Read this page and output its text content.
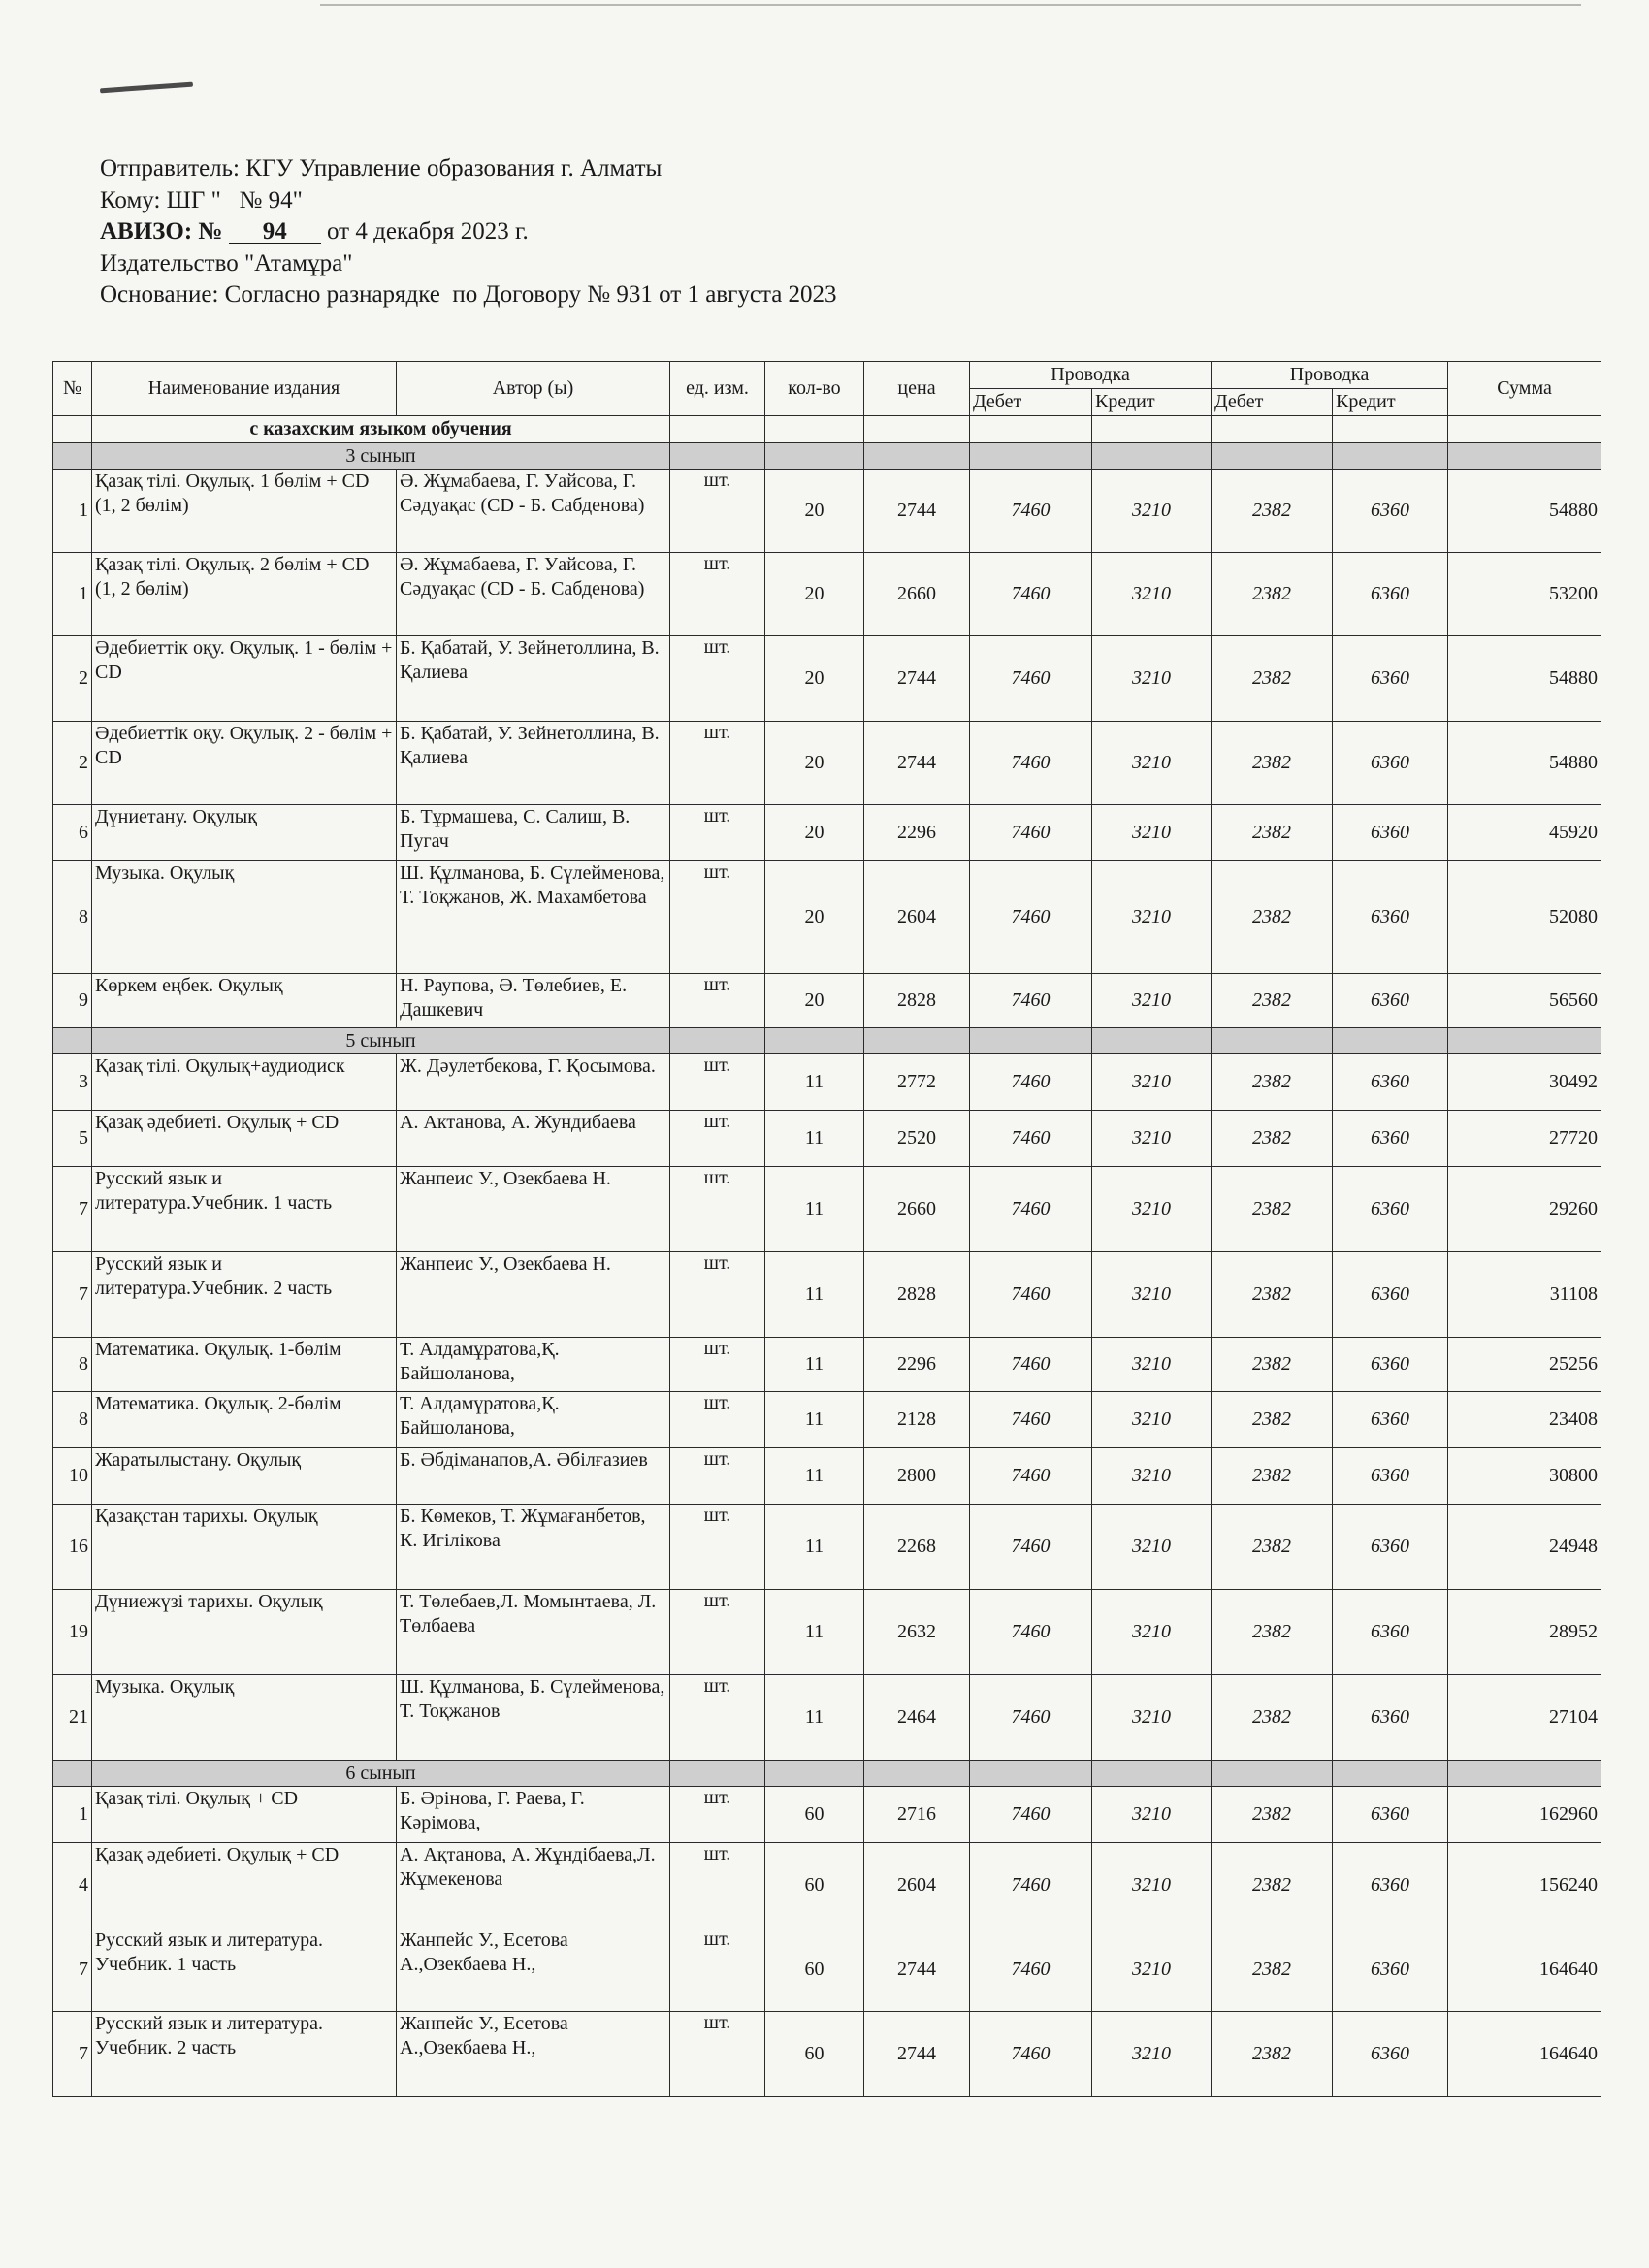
Отправитель: КГУ Управление образования г. Алматы
Кому: ШГ "   № 94"
АВИЗО: № 94 от 4 декабря 2023 г.
Издательство "Атамұра"
Основание: Согласно разнарядке  по Договору № 931 от 1 августа 2023
№	Наименование издания	Автор (ы)	ед. изм.	кол-во	цена	Проводка		Проводка		Сумма
						Дебет	Кредит	Дебет	Кредит	
	с казахским языком обучения									
	3 сынып									
1	Қазақ тілі. Оқулық. 1 бөлім + CD (1, 2 бөлім)	Ә. Жұмабаева, Г. Уайсова, Г. Сәдуақас (CD - Б. Сабденова)	шт.	20	2744	7460	3210	2382	6360	54880
1	Қазақ тілі. Оқулық. 2 бөлім + CD (1, 2 бөлім)	Ә. Жұмабаева, Г. Уайсова, Г. Сәдуақас (CD - Б. Сабденова)	шт.	20	2660	7460	3210	2382	6360	53200
2	Әдебиеттік оқу. Оқулық. 1 - бөлім + CD	Б. Қабатай, У. Зейнетоллина, В. Қалиева	шт.	20	2744	7460	3210	2382	6360	54880
2	Әдебиеттік оқу. Оқулық. 2 - бөлім + CD	Б. Қабатай, У. Зейнетоллина, В. Қалиева	шт.	20	2744	7460	3210	2382	6360	54880
6	Дүниетану. Оқулық	Б. Тұрмашева, С. Салиш, В. Пугач	шт.	20	2296	7460	3210	2382	6360	45920
8	Музыка. Оқулық	Ш. Құлманова, Б. Сүлейменова, Т. Тоқжанов, Ж. Махамбетова	шт.	20	2604	7460	3210	2382	6360	52080
9	Көркем еңбек. Оқулық	Н. Раупова, Ә. Төлебиев, Е. Дашкевич	шт.	20	2828	7460	3210	2382	6360	56560
	5 сынып									
3	Қазақ тілі. Оқулық+аудиодиск	Ж. Дәулетбекова, Г. Қосымова.	шт.	11	2772	7460	3210	2382	6360	30492
5	Қазақ әдебиеті. Оқулық + CD	А. Актанова, А. Жундибаева	шт.	11	2520	7460	3210	2382	6360	27720
7	Русский язык и литература.Учебник. 1 часть	Жанпеис У., Озекбаева Н.	шт.	11	2660	7460	3210	2382	6360	29260
7	Русский язык и литература.Учебник. 2 часть	Жанпеис У., Озекбаева Н.	шт.	11	2828	7460	3210	2382	6360	31108
8	Математика. Оқулық. 1-бөлім	Т. Алдамұратова,Қ. Байшоланова,	шт.	11	2296	7460	3210	2382	6360	25256
8	Математика. Оқулық. 2-бөлім	Т. Алдамұратова,Қ. Байшоланова,	шт.	11	2128	7460	3210	2382	6360	23408
10	Жаратылыстану. Оқулық	Б. Әбдіманапов,А. Әбілғазиев	шт.	11	2800	7460	3210	2382	6360	30800
16	Қазақстан тарихы. Оқулық	Б. Көмеков, Т. Жұмағанбетов, К. Игілікова	шт.	11	2268	7460	3210	2382	6360	24948
19	Дүниежүзі тарихы. Оқулық	Т. Төлебаев,Л. Момынтаева, Л. Төлбаева	шт.	11	2632	7460	3210	2382	6360	28952
21	Музыка. Оқулық	Ш. Құлманова, Б. Сүлейменова, Т. Тоқжанов	шт.	11	2464	7460	3210	2382	6360	27104
	6 сынып									
1	Қазақ тілі. Оқулық + CD	Б. Әрінова, Г. Раева, Г. Кәрімова,	шт.	60	2716	7460	3210	2382	6360	162960
4	Қазақ әдебиеті. Оқулық + CD	А. Ақтанова, А. Жұндібаева,Л. Жұмекенова	шт.	60	2604	7460	3210	2382	6360	156240
7	Русский язык и литература. Учебник. 1 часть	Жанпейс У., Есетова А.,Озекбаева Н.,	шт.	60	2744	7460	3210	2382	6360	164640
7	Русский язык и литература. Учебник. 2 часть	Жанпейс У., Есетова А.,Озекбаева Н.,	шт.	60	2744	7460	3210	2382	6360	164640
